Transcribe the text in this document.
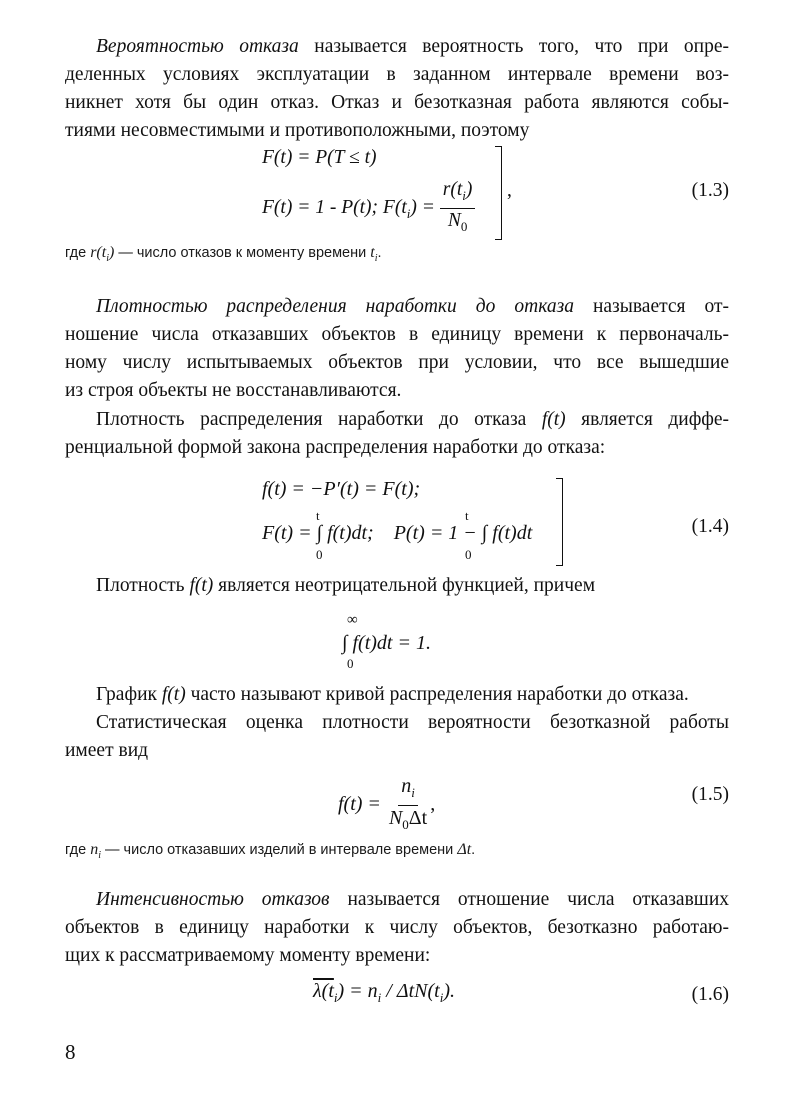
Вероятностью отказа называется вероятность того, что при опре-
деленных условиях эксплуатации в заданном интервале времени воз-
никнет хотя бы один отказ. Отказ и безотказная работа являются собы-
тиями несовместимыми и противоположными, поэтому
F(t) = P(T ≤ t)
F(t) = 1 - P(t); $F(t_i) = \frac{r(t_i)}{N_0}$ ,	(1.3)
где $r(t_i)$ — число отказов к моменту времени $t_i$.
Плотностью распределения наработки до отказа называется от-
ношение числа отказавших объектов в единицу времени к первоначаль-
ному числу испытываемых объектов при условии, что все вышедшие
из строя объекты не восстанавливаются.
Плотность распределения наработки до отказа f(t) является диффе-
ренциальной формой закона распределения наработки до отказа:
f(t) = −P′(t) = F(t);
t	t
F(t) = ∫ f(t)dt; P(t) = 1 − ∫ f(t)dt
0	0
(1.4)
Плотность f(t) является неотрицательной функцией, причем
∞
∫ f(t)dt = 1.
0
График f(t) часто называют кривой распределения наработки до отказа.
Статистическая оценка плотности вероятности безотказной работы
имеет вид
$f(t) = \frac{n_i}{N_0\Delta t}$ ,	(1.5)
где $n_i$ — число отказавших изделий в интервале времени Δt.
Интенсивностью отказов называется отношение числа отказавших
объектов в единицу наработки к числу объектов, безотказно работаю-
щих к рассматриваемому моменту времени:
$\lambda(t_i) = n_i / \Delta tN(t_i)$.	(1.6)
8
